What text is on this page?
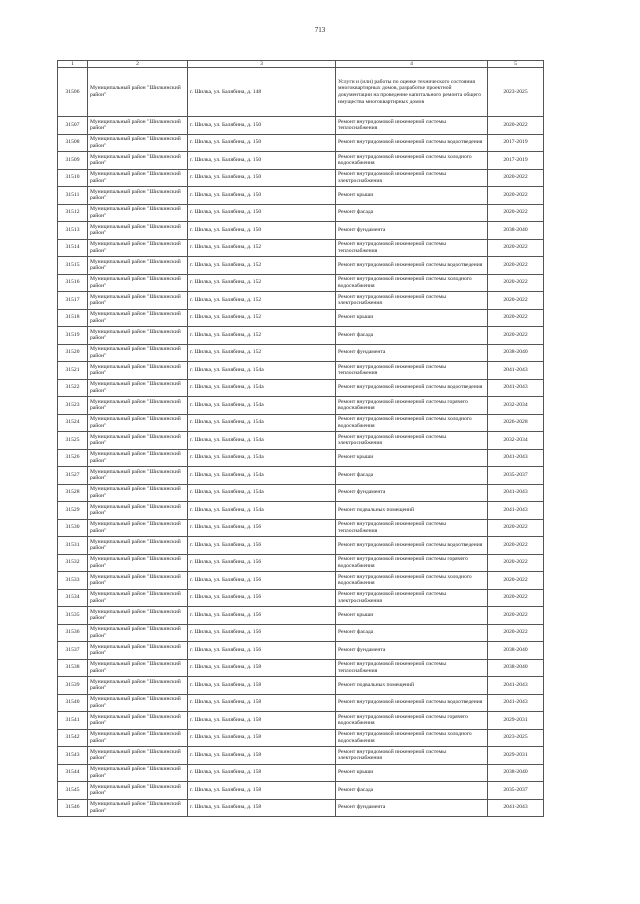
713
1	2	3	4	5
31506	Муниципальный район "Шилкинский район"	г. Шилка, ул. Балябина, д. 148	Услуги и (или) работы по оценке технического состояния многоквартирных домов, разработке проектной документации на проведение капитального ремонта общего имущества многоквартирных домов	2023-2025
31507	Муниципальный район "Шилкинский район"	г. Шилка, ул. Балябина, д. 150	Ремонт внутридомовой инженерной системы теплоснабжения	2020-2022
31508	Муниципальный район "Шилкинский район"	г. Шилка, ул. Балябина, д. 150	Ремонт внутридомовой инженерной системы водоотведения	2017-2019
31509	Муниципальный район "Шилкинский район"	г. Шилка, ул. Балябина, д. 150	Ремонт внутридомовой инженерной системы холодного водоснабжения	2017-2019
31510	Муниципальный район "Шилкинский район"	г. Шилка, ул. Балябина, д. 150	Ремонт внутридомовой инженерной системы электроснабжения	2020-2022
31511	Муниципальный район "Шилкинский район"	г. Шилка, ул. Балябина, д. 150	Ремонт крыши	2020-2022
31512	Муниципальный район "Шилкинский район"	г. Шилка, ул. Балябина, д. 150	Ремонт фасада	2020-2022
31513	Муниципальный район "Шилкинский район"	г. Шилка, ул. Балябина, д. 150	Ремонт фундамента	2038-2040
31514	Муниципальный район "Шилкинский район"	г. Шилка, ул. Балябина, д. 152	Ремонт внутридомовой инженерной системы теплоснабжения	2020-2022
31515	Муниципальный район "Шилкинский район"	г. Шилка, ул. Балябина, д. 152	Ремонт внутридомовой инженерной системы водоотведения	2020-2022
31516	Муниципальный район "Шилкинский район"	г. Шилка, ул. Балябина, д. 152	Ремонт внутридомовой инженерной системы холодного водоснабжения	2020-2022
31517	Муниципальный район "Шилкинский район"	г. Шилка, ул. Балябина, д. 152	Ремонт внутридомовой инженерной системы электроснабжения	2020-2022
31518	Муниципальный район "Шилкинский район"	г. Шилка, ул. Балябина, д. 152	Ремонт крыши	2020-2022
31519	Муниципальный район "Шилкинский район"	г. Шилка, ул. Балябина, д. 152	Ремонт фасада	2020-2022
31520	Муниципальный район "Шилкинский район"	г. Шилка, ул. Балябина, д. 152	Ремонт фундамента	2038-2040
31521	Муниципальный район "Шилкинский район"	г. Шилка, ул. Балябина, д. 154а	Ремонт внутридомовой инженерной системы теплоснабжения	2041-2043
31522	Муниципальный район "Шилкинский район"	г. Шилка, ул. Балябина, д. 154а	Ремонт внутридомовой инженерной системы водоотведения	2041-2043
31523	Муниципальный район "Шилкинский район"	г. Шилка, ул. Балябина, д. 154а	Ремонт внутридомовой инженерной системы горячего водоснабжения	2032-2034
31524	Муниципальный район "Шилкинский район"	г. Шилка, ул. Балябина, д. 154а	Ремонт внутридомовой инженерной системы холодного водоснабжения	2026-2028
31525	Муниципальный район "Шилкинский район"	г. Шилка, ул. Балябина, д. 154а	Ремонт внутридомовой инженерной системы электроснабжения	2032-2034
31526	Муниципальный район "Шилкинский район"	г. Шилка, ул. Балябина, д. 154а	Ремонт крыши	2041-2043
31527	Муниципальный район "Шилкинский район"	г. Шилка, ул. Балябина, д. 154а	Ремонт фасада	2035-2037
31528	Муниципальный район "Шилкинский район"	г. Шилка, ул. Балябина, д. 154а	Ремонт фундамента	2041-2043
31529	Муниципальный район "Шилкинский район"	г. Шилка, ул. Балябина, д. 154а	Ремонт подвальных помещений	2041-2043
31530	Муниципальный район "Шилкинский район"	г. Шилка, ул. Балябина, д. 156	Ремонт внутридомовой инженерной системы теплоснабжения	2020-2022
31531	Муниципальный район "Шилкинский район"	г. Шилка, ул. Балябина, д. 156	Ремонт внутридомовой инженерной системы водоотведения	2020-2022
31532	Муниципальный район "Шилкинский район"	г. Шилка, ул. Балябина, д. 156	Ремонт внутридомовой инженерной системы горячего водоснабжения	2020-2022
31533	Муниципальный район "Шилкинский район"	г. Шилка, ул. Балябина, д. 156	Ремонт внутридомовой инженерной системы холодного водоснабжения	2020-2022
31534	Муниципальный район "Шилкинский район"	г. Шилка, ул. Балябина, д. 156	Ремонт внутридомовой инженерной системы электроснабжения	2020-2022
31535	Муниципальный район "Шилкинский район"	г. Шилка, ул. Балябина, д. 156	Ремонт крыши	2020-2022
31536	Муниципальный район "Шилкинский район"	г. Шилка, ул. Балябина, д. 156	Ремонт фасада	2020-2022
31537	Муниципальный район "Шилкинский район"	г. Шилка, ул. Балябина, д. 156	Ремонт фундамента	2038-2040
31538	Муниципальный район "Шилкинский район"	г. Шилка, ул. Балябина, д. 158	Ремонт внутридомовой инженерной системы теплоснабжения	2038-2040
31539	Муниципальный район "Шилкинский район"	г. Шилка, ул. Балябина, д. 158	Ремонт подвальных помещений	2041-2043
31540	Муниципальный район "Шилкинский район"	г. Шилка, ул. Балябина, д. 158	Ремонт внутридомовой инженерной системы водоотведения	2041-2043
31541	Муниципальный район "Шилкинский район"	г. Шилка, ул. Балябина, д. 158	Ремонт внутридомовой инженерной системы горячего водоснабжения	2029-2031
31542	Муниципальный район "Шилкинский район"	г. Шилка, ул. Балябина, д. 158	Ремонт внутридомовой инженерной системы холодного водоснабжения	2023-2025
31543	Муниципальный район "Шилкинский район"	г. Шилка, ул. Балябина, д. 158	Ремонт внутридомовой инженерной системы электроснабжения	2029-2031
31544	Муниципальный район "Шилкинский район"	г. Шилка, ул. Балябина, д. 158	Ремонт крыши	2038-2040
31545	Муниципальный район "Шилкинский район"	г. Шилка, ул. Балябина, д. 158	Ремонт фасада	2035-2037
31546	Муниципальный район "Шилкинский район"	г. Шилка, ул. Балябина, д. 158	Ремонт фундамента	2041-2043
